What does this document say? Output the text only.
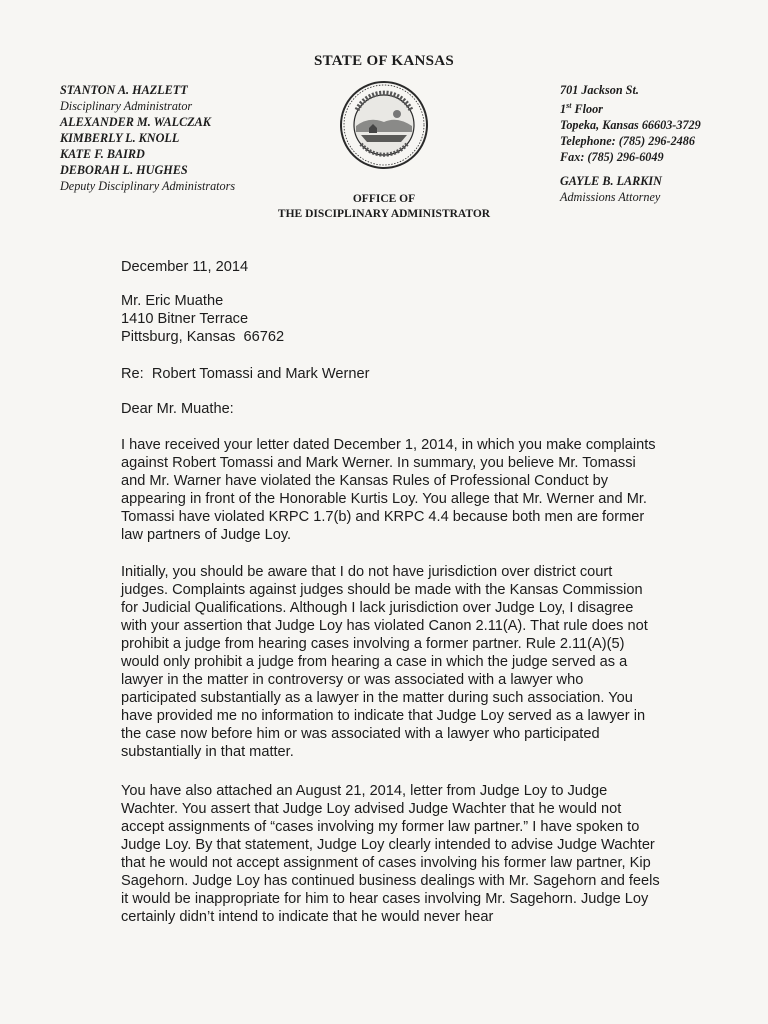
STATE OF KANSAS
STANTON A. HAZLETT
Disciplinary Administrator
ALEXANDER M. WALCZAK
KIMBERLY L. KNOLL
KATE F. BAIRD
DEBORAH L. HUGHES
Deputy Disciplinary Administrators
701 Jackson St.
1st Floor
Topeka, Kansas 66603-3729
Telephone: (785) 296-2486
Fax: (785) 296-6049
GAYLE B. LARKIN
Admissions Attorney
OFFICE OF
THE DISCIPLINARY ADMINISTRATOR
December 11, 2014
Mr. Eric Muathe
1410 Bitner Terrace
Pittsburg, Kansas  66762
Re:  Robert Tomassi and Mark Werner
Dear Mr. Muathe:

I have received your letter dated December 1, 2014, in which you make complaints against Robert Tomassi and Mark Werner. In summary, you believe Mr. Tomassi and Mr. Warner have violated the Kansas Rules of Professional Conduct by appearing in front of the Honorable Kurtis Loy. You allege that Mr. Werner and Mr. Tomassi have violated KRPC 1.7(b) and KRPC 4.4 because both men are former law partners of Judge Loy.

Initially, you should be aware that I do not have jurisdiction over district court judges. Complaints against judges should be made with the Kansas Commission for Judicial Qualifications. Although I lack jurisdiction over Judge Loy, I disagree with your assertion that Judge Loy has violated Canon 2.11(A). That rule does not prohibit a judge from hearing cases involving a former partner. Rule 2.11(A)(5) would only prohibit a judge from hearing a case in which the judge served as a lawyer in the matter in controversy or was associated with a lawyer who participated substantially as a lawyer in the matter during such association. You have provided me no information to indicate that Judge Loy served as a lawyer in the case now before him or was associated with a lawyer who participated substantially in that matter.

You have also attached an August 21, 2014, letter from Judge Loy to Judge Wachter. You assert that Judge Loy advised Judge Wachter that he would not accept assignments of “cases involving my former law partner.” I have spoken to Judge Loy. By that statement, Judge Loy clearly intended to advise Judge Wachter that he would not accept assignment of cases involving his former law partner, Kip Sagehorn. Judge Loy has continued business dealings with Mr. Sagehorn and feels it would be inappropriate for him to hear cases involving Mr. Sagehorn. Judge Loy certainly didn’t intend to indicate that he would never hear
